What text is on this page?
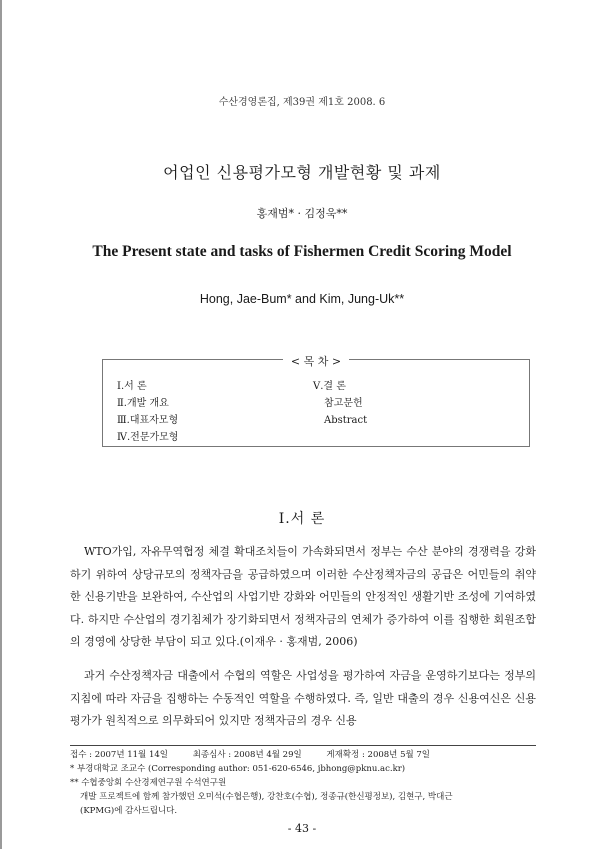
수산경영론집, 제39권 제1호 2008. 6
어업인 신용평가모형 개발현황 및 과제
홍재범* · 김정욱**
The Present state and tasks of Fishermen Credit Scoring Model
Hong, Jae-Bum* and Kim, Jung-Uk**
< 목 차 >
Ⅰ.서 론
Ⅱ.개발 개요
Ⅲ.대표자모형
Ⅳ.전문가모형
Ⅴ.결 론
참고문헌
Abstract
Ⅰ.서 론
WTO가입, 자유무역협정 체결 확대조치들이 가속화되면서 정부는 수산 분야의 경쟁력을 강화하기 위하여 상당규모의 정책자금을 공급하였으며 이러한 수산정책자금의 공급은 어민들의 취약한 신용기반을 보완하여, 수산업의 사업기반 강화와 어민들의 안정적인 생활기반 조성에 기여하였다. 하지만 수산업의 경기침체가 장기화되면서 정책자금의 연체가 증가하여 이를 집행한 회원조합의 경영에 상당한 부담이 되고 있다.(이재우 · 홍재범, 2006)
과거 수산정책자금 대출에서 수협의 역할은 사업성을 평가하여 자금을 운영하기보다는 정부의 지침에 따라 자금을 집행하는 수동적인 역할을 수행하였다. 즉, 일반 대출의 경우 신용여신은 신용평가가 원칙적으로 의무화되어 있지만 정책자금의 경우 신용
접수 : 2007년 11월 14일	최종심사 : 2008년 4월 29일	게재확정 : 2008년 5월 7일
* 부경대학교 조교수 (Corresponding author: 051-620-6546, jbhong@pknu.ac.kr)
** 수협중앙회 수산경제연구원 수석연구원
개발 프로젝트에 함께 참가했던 오미석(수협은행), 강찬호(수협), 정종규(한신평정보), 김현구, 박대근
(KPMG)에 감사드립니다.
- 43 -
